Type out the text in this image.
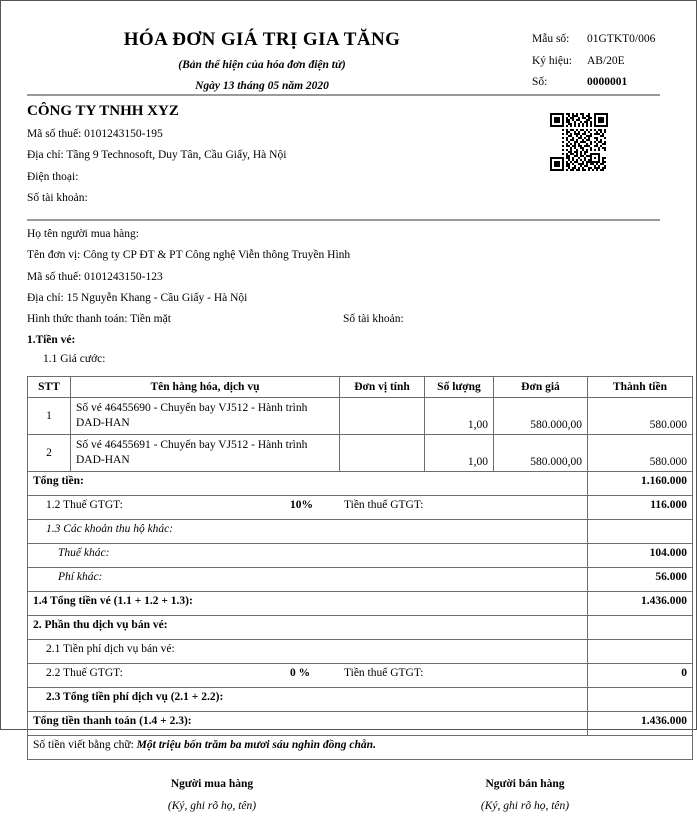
HÓA ĐƠN GIÁ TRỊ GIA TĂNG
(Bản thể hiện của hóa đơn điện tử)
Ngày 13 tháng 05 năm 2020
Mẫu số:	01GTKT0/006
Ký hiệu:	AB/20E
Số:	0000001
CÔNG TY TNHH XYZ
Mã số thuế: 0101243150-195
Địa chỉ: Tầng 9 Technosoft, Duy Tân, Cầu Giấy, Hà Nội
Điện thoại:
Số tài khoản:
Họ tên người mua hàng:
Tên đơn vị: Công ty CP ĐT & PT Công nghệ Viễn thông Truyền Hình
Mã số thuế: 0101243150-123
Địa chỉ: 15 Nguyễn Khang - Cầu Giấy - Hà Nội
Hình thức thanh toán: Tiền mặt	Số tài khoản:
1.Tiền vé:
1.1 Giá cước:
STT	Tên hàng hóa, dịch vụ	Đơn vị tính	Số lượng	Đơn giá	Thành tiền
1	Số vé 46455690 - Chuyến bay VJ512 - Hành trình DAD-HAN		1,00	580.000,00	580.000
2	Số vé 46455691 - Chuyến bay VJ512 - Hành trình DAD-HAN		1,00	580.000,00	580.000
Tổng tiền:					1.160.000
1.2 Thuế GTGT: 10% Tiền thuế GTGT:					116.000
1.3 Các khoản thu hộ khác:					
Thuế khác:					104.000
Phí khác:					56.000
1.4 Tổng tiền vé (1.1 + 1.2 + 1.3):					1.436.000
2. Phần thu dịch vụ bán vé:					
2.1 Tiền phí dịch vụ bán vé:					
2.2 Thuế GTGT: 0 % Tiền thuế GTGT:					0
2.3 Tổng tiền phí dịch vụ (2.1 + 2.2):					
Tổng tiền thanh toán (1.4 + 2.3):					1.436.000
Số tiền viết bằng chữ: Một triệu bốn trăm ba mươi sáu nghìn đồng chẵn.					
Người mua hàng
(Ký, ghi rõ họ, tên)
Người bán hàng
(Ký, ghi rõ họ, tên)
